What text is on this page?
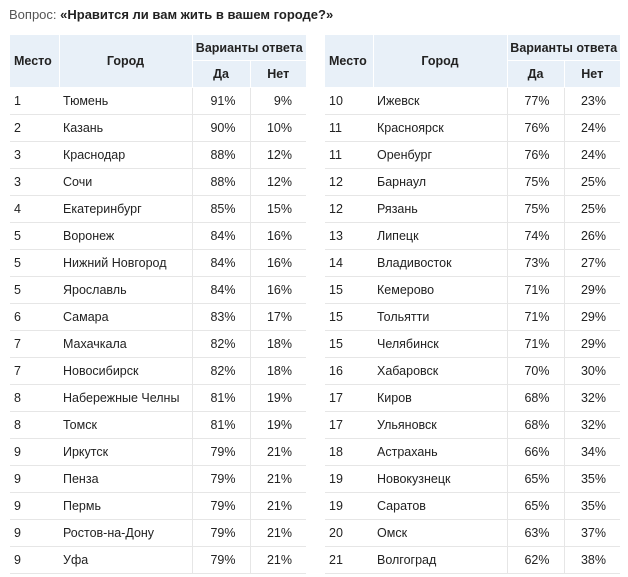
Вопрос: «Нравится ли вам жить в вашем городе?»
Место	Город	Варианты ответа	
		Да	Нет
1	Тюмень	91%	9%
2	Казань	90%	10%
3	Краснодар	88%	12%
3	Сочи	88%	12%
4	Екатеринбург	85%	15%
5	Воронеж	84%	16%
5	Нижний Новгород	84%	16%
5	Ярославль	84%	16%
6	Самара	83%	17%
7	Махачкала	82%	18%
7	Новосибирск	82%	18%
8	Набережные Челны	81%	19%
8	Томск	81%	19%
9	Иркутск	79%	21%
9	Пенза	79%	21%
9	Пермь	79%	21%
9	Ростов-на-Дону	79%	21%
9	Уфа	79%	21%
Место	Город	Варианты ответа	
		Да	Нет
10	Ижевск	77%	23%
11	Красноярск	76%	24%
11	Оренбург	76%	24%
12	Барнаул	75%	25%
12	Рязань	75%	25%
13	Липецк	74%	26%
14	Владивосток	73%	27%
15	Кемерово	71%	29%
15	Тольятти	71%	29%
15	Челябинск	71%	29%
16	Хабаровск	70%	30%
17	Киров	68%	32%
17	Ульяновск	68%	32%
18	Астрахань	66%	34%
19	Новокузнецк	65%	35%
19	Саратов	65%	35%
20	Омск	63%	37%
21	Волгоград	62%	38%
